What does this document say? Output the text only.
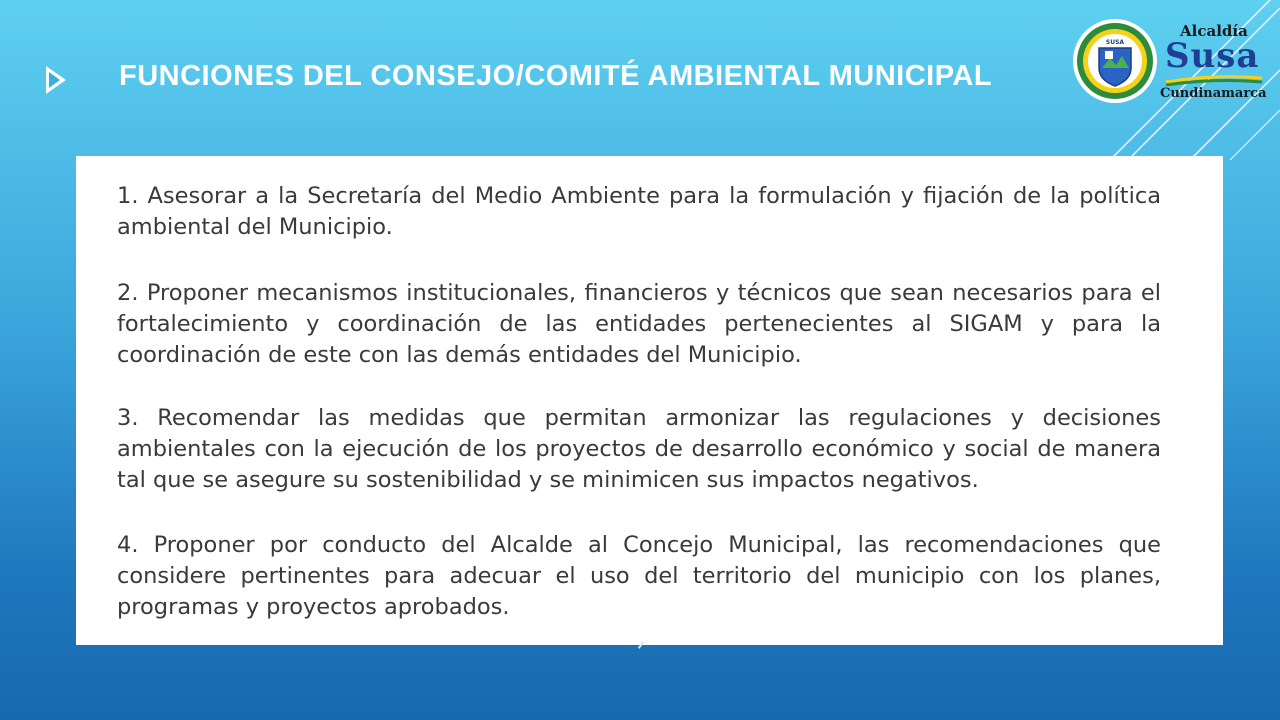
FUNCIONES DEL CONSEJO/COMITÉ AMBIENTAL MUNICIPAL
SUSA
Alcaldía
Susa
Cundinamarca

1. Asesorar a la Secretaría del Medio Ambiente para la formulación y fijación de la política ambiental del Municipio.

2. Proponer mecanismos institucionales, financieros y técnicos que sean necesarios para el fortalecimiento y coordinación de las entidades pertenecientes al SIGAM y para la coordinación de este con las demás entidades del Municipio.

3. Recomendar las medidas que permitan armonizar las regulaciones y decisiones ambientales con la ejecución de los proyectos de desarrollo económico y social de manera tal que se asegure su sostenibilidad y se minimicen sus impactos negativos.

4. Proponer por conducto del Alcalde al Concejo Municipal, las recomendaciones que considere pertinentes para adecuar el uso del territorio del municipio con los planes, programas y proyectos aprobados.
